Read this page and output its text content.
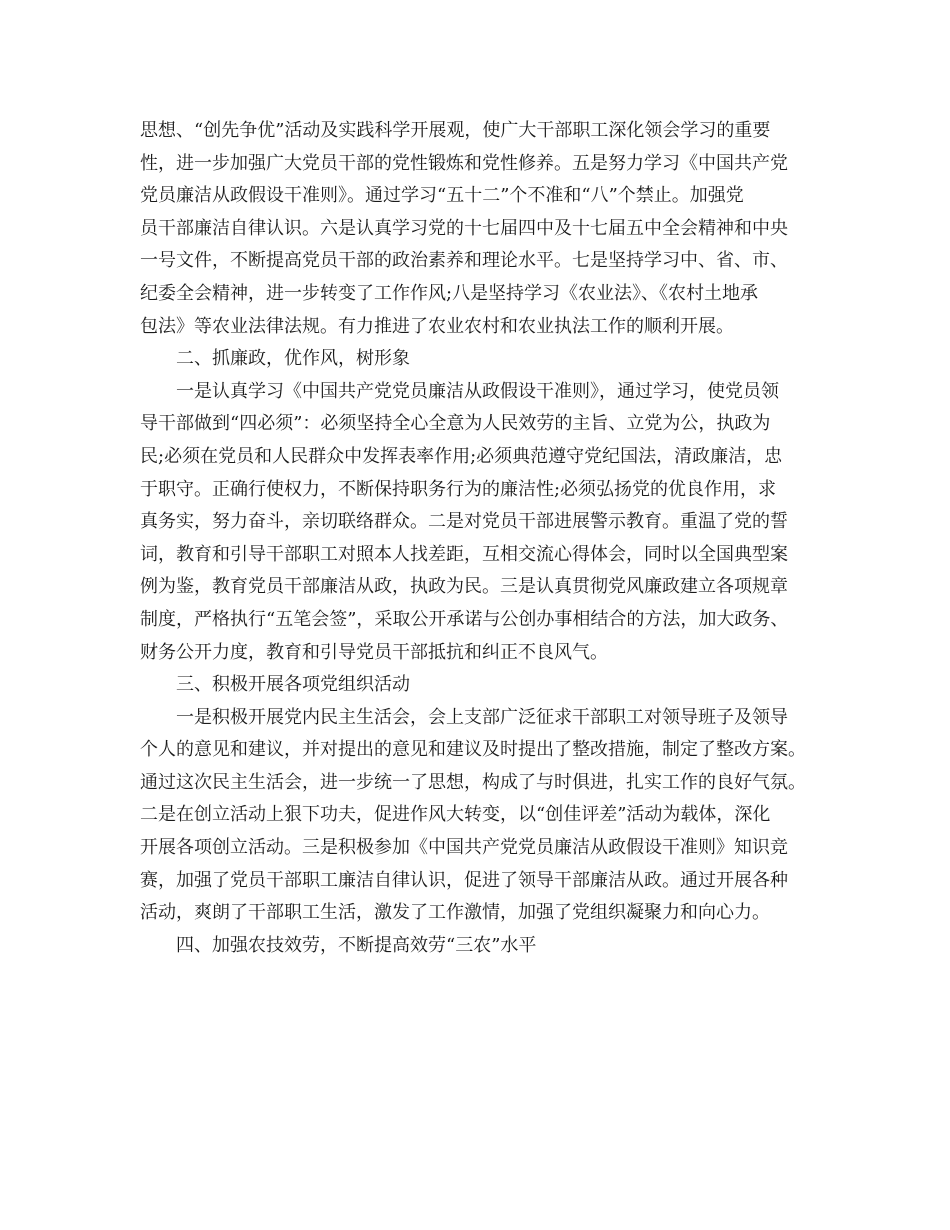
思想、“创先争优”活动及实践科学开展观，使广大干部职工深化领会学习的重要
性，进一步加强广大党员干部的党性锻炼和党性修养。五是努力学习《中国共产党
党员廉洁从政假设干准则》。通过学习“五十二”个不准和“八”个禁止。加强党
员干部廉洁自律认识。六是认真学习党的十七届四中及十七届五中全会精神和中央
一号文件，不断提高党员干部的政治素养和理论水平。七是坚持学习中、省、市、
纪委全会精神，进一步转变了工作作风;八是坚持学习《农业法》、《农村土地承
包法》等农业法律法规。有力推进了农业农村和农业执法工作的顺利开展。
二、抓廉政，优作风，树形象
一是认真学习《中国共产党党员廉洁从政假设干准则》，通过学习，使党员领
导干部做到“四必须”：必须坚持全心全意为人民效劳的主旨、立党为公，执政为
民;必须在党员和人民群众中发挥表率作用;必须典范遵守党纪国法，清政廉洁，忠
于职守。正确行使权力，不断保持职务行为的廉洁性;必须弘扬党的优良作用，求
真务实，努力奋斗，亲切联络群众。二是对党员干部进展警示教育。重温了党的誓
词，教育和引导干部职工对照本人找差距，互相交流心得体会，同时以全国典型案
例为鉴，教育党员干部廉洁从政，执政为民。三是认真贯彻党风廉政建立各项规章
制度，严格执行“五笔会签”，采取公开承诺与公创办事相结合的方法，加大政务、
财务公开力度，教育和引导党员干部抵抗和纠正不良风气。
三、积极开展各项党组织活动
一是积极开展党内民主生活会，会上支部广泛征求干部职工对领导班子及领导
个人的意见和建议，并对提出的意见和建议及时提出了整改措施，制定了整改方案。
通过这次民主生活会，进一步统一了思想，构成了与时俱进，扎实工作的良好气氛。
二是在创立活动上狠下功夫，促进作风大转变，以“创佳评差”活动为载体，深化
开展各项创立活动。三是积极参加《中国共产党党员廉洁从政假设干准则》知识竞
赛，加强了党员干部职工廉洁自律认识，促进了领导干部廉洁从政。通过开展各种
活动，爽朗了干部职工生活，激发了工作激情，加强了党组织凝聚力和向心力。
四、加强农技效劳，不断提高效劳“三农”水平
